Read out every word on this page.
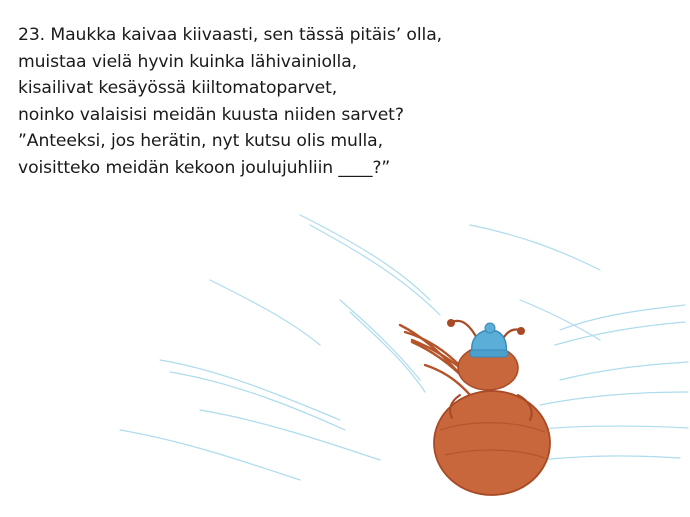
23. Maukka kaivaa kiivaasti, sen tässä pitäis’ olla,
muistaa vielä hyvin kuinka lähivainiolla,
kisailivat kesäyössä kiiltomatoparvet,
noinko valaisisi meidän kuusta niiden sarvet?
”Anteeksi, jos herätin, nyt kutsu olis mulla,
voisitteko meidän kekoon joulujuhliin ____?”
